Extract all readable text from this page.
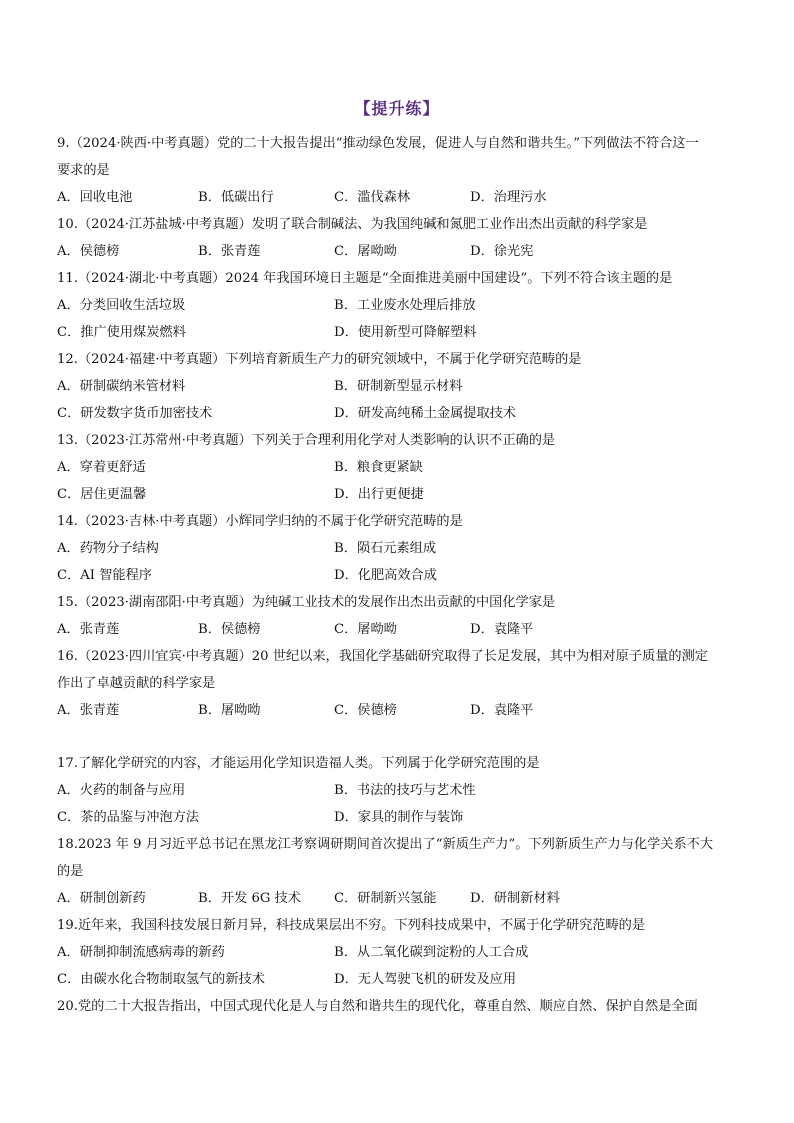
【提升练】
9.（2024·陕西·中考真题）党的二十大报告提出“推动绿色发展，促进人与自然和谐共生。”下列做法不符合这一
要求的是
A．回收电池	B．低碳出行	C．滥伐森林	D．治理污水
10.（2024·江苏盐城·中考真题）发明了联合制碱法、为我国纯碱和氮肥工业作出杰出贡献的科学家是
A．侯德榜	B．张青莲	C．屠呦呦	D．徐光宪
11.（2024·湖北·中考真题）2024 年我国环境日主题是“全面推进美丽中国建设”。下列不符合该主题的是
A．分类回收生活垃圾	B．工业废水处理后排放
C．推广使用煤炭燃料	D．使用新型可降解塑料
12.（2024·福建·中考真题）下列培育新质生产力的研究领域中，不属于化学研究范畴的是
A．研制碳纳米管材料	B．研制新型显示材料
C．研发数字货币加密技术	D．研发高纯稀土金属提取技术
13.（2023·江苏常州·中考真题）下列关于合理利用化学对人类影响的认识不正确的是
A．穿着更舒适	B．粮食更紧缺
C．居住更温馨	D．出行更便捷
14.（2023·吉林·中考真题）小辉同学归纳的不属于化学研究范畴的是
A．药物分子结构	B．陨石元素组成
C．AI 智能程序	D．化肥高效合成
15.（2023·湖南邵阳·中考真题）为纯碱工业技术的发展作出杰出贡献的中国化学家是
A．张青莲	B．侯德榜	C．屠呦呦	D．袁隆平
16.（2023·四川宜宾·中考真题）20 世纪以来，我国化学基础研究取得了长足发展，其中为相对原子质量的测定
作出了卓越贡献的科学家是
A．张青莲	B．屠呦呦	C．侯德榜	D．袁隆平
17.了解化学研究的内容，才能运用化学知识造福人类。下列属于化学研究范围的是
A．火药的制备与应用	B．书法的技巧与艺术性
C．茶的品鉴与冲泡方法	D．家具的制作与装饰
18.2023 年 9 月习近平总书记在黑龙江考察调研期间首次提出了“新质生产力”。下列新质生产力与化学关系不大
的是
A．研制创新药	B．开发 6G 技术	C．研制新兴氢能	D．研制新材料
19.近年来，我国科技发展日新月异，科技成果层出不穷。下列科技成果中，不属于化学研究范畴的是
A．研制抑制流感病毒的新药	B．从二氧化碳到淀粉的人工合成
C．由碳水化合物制取氢气的新技术	D．无人驾驶飞机的研发及应用
20.党的二十大报告指出，中国式现代化是人与自然和谐共生的现代化，尊重自然、顺应自然、保护自然是全面
